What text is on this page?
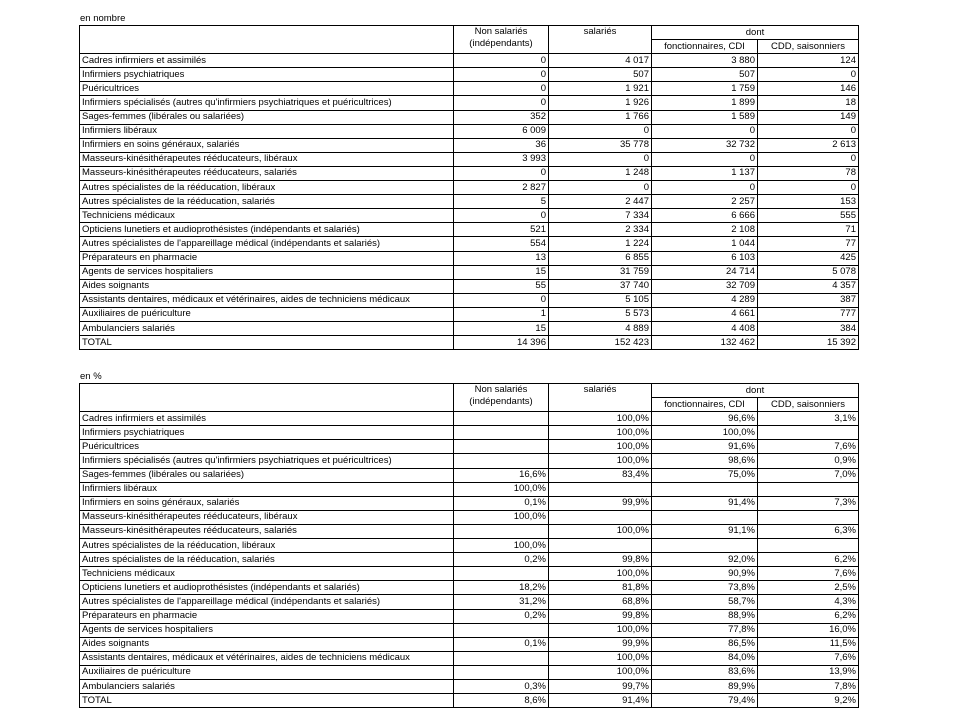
en nombre

	Non salariés
(indépendants)	salariés	dont	
			fonctionnaires, CDI	CDD, saisonniers
Cadres infirmiers et assimilés	0	4 017	3 880	124
Infirmiers psychiatriques	0	507	507	0
Puéricultrices	0	1 921	1 759	146
Infirmiers spécialisés (autres qu'infirmiers psychiatriques et puéricultrices)	0	1 926	1 899	18
Sages-femmes (libérales ou salariées)	352	1 766	1 589	149
Infirmiers libéraux	6 009	0	0	0
Infirmiers en soins généraux, salariés	36	35 778	32 732	2 613
Masseurs-kinésithérapeutes rééducateurs, libéraux	3 993	0	0	0
Masseurs-kinésithérapeutes rééducateurs, salariés	0	1 248	1 137	78
Autres spécialistes de la rééducation, libéraux	2 827	0	0	0
Autres spécialistes de la rééducation, salariés	5	2 447	2 257	153
Techniciens médicaux	0	7 334	6 666	555
Opticiens lunetiers et audioprothésistes (indépendants et salariés)	521	2 334	2 108	71
Autres spécialistes de l'appareillage médical (indépendants et salariés)	554	1 224	1 044	77
Préparateurs en pharmacie	13	6 855	6 103	425
Agents de services hospitaliers	15	31 759	24 714	5 078
Aides soignants	55	37 740	32 709	4 357
Assistants dentaires, médicaux et vétérinaires, aides de techniciens médicaux	0	5 105	4 289	387
Auxiliaires de puériculture	1	5 573	4 661	777
Ambulanciers salariés	15	4 889	4 408	384
TOTAL	14 396	152 423	132 462	15 392
en %

	Non salariés
(indépendants)	salariés	dont	
			fonctionnaires, CDI	CDD, saisonniers
Cadres infirmiers et assimilés		100,0%	96,6%	3,1%
Infirmiers psychiatriques		100,0%	100,0%	
Puéricultrices		100,0%	91,6%	7,6%
Infirmiers spécialisés (autres qu'infirmiers psychiatriques et puéricultrices)		100,0%	98,6%	0,9%
Sages-femmes (libérales ou salariées)	16,6%	83,4%	75,0%	7,0%
Infirmiers libéraux	100,0%			
Infirmiers en soins généraux, salariés	0,1%	99,9%	91,4%	7,3%
Masseurs-kinésithérapeutes rééducateurs, libéraux	100,0%			
Masseurs-kinésithérapeutes rééducateurs, salariés		100,0%	91,1%	6,3%
Autres spécialistes de la rééducation, libéraux	100,0%			
Autres spécialistes de la rééducation, salariés	0,2%	99,8%	92,0%	6,2%
Techniciens médicaux		100,0%	90,9%	7,6%
Opticiens lunetiers et audioprothésistes (indépendants et salariés)	18,2%	81,8%	73,8%	2,5%
Autres spécialistes de l'appareillage médical (indépendants et salariés)	31,2%	68,8%	58,7%	4,3%
Préparateurs en pharmacie	0,2%	99,8%	88,9%	6,2%
Agents de services hospitaliers		100,0%	77,8%	16,0%
Aides soignants	0,1%	99,9%	86,5%	11,5%
Assistants dentaires, médicaux et vétérinaires, aides de techniciens médicaux		100,0%	84,0%	7,6%
Auxiliaires de puériculture		100,0%	83,6%	13,9%
Ambulanciers salariés	0,3%	99,7%	89,9%	7,8%
TOTAL	8,6%	91,4%	79,4%	9,2%
